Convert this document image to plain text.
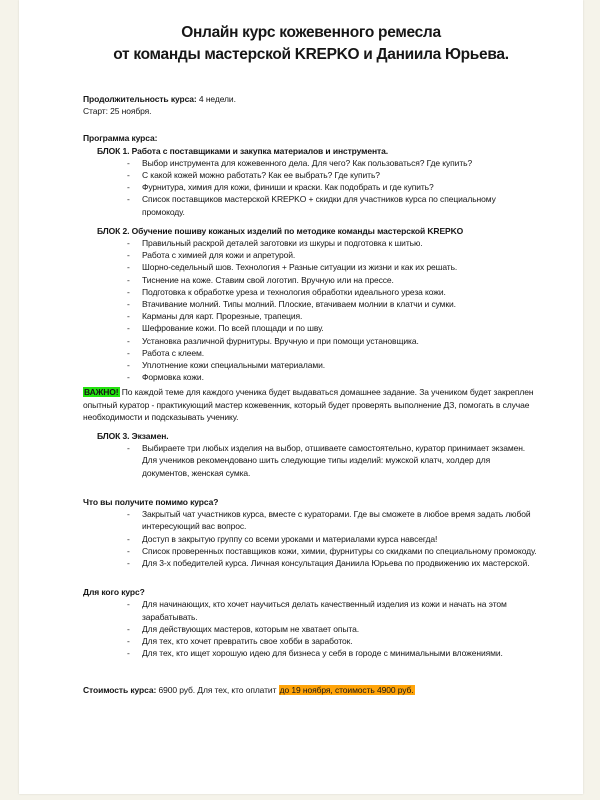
Онлайн курс кожевенного ремесла
от команды мастерской KREPKO и Даниила Юрьева.
Продолжительность курса: 4 недели.
Старт: 25 ноября.
Программа курса:
БЛОК 1. Работа с поставщиками и закупка материалов и инструмента.
- Выбор инструмента для кожевенного дела. Для чего? Как пользоваться? Где купить?
- С какой кожей можно работать? Как ее выбрать? Где купить?
- Фурнитура, химия для кожи, финиши и краски. Как подобрать и где купить?
- Список поставщиков мастерской KREPKO + скидки для участников курса по специальному промокоду.
БЛОК 2. Обучение пошиву кожаных изделий по методике команды мастерской KREPKO
- Правильный раскрой деталей заготовки из шкуры и подготовка к шитью.
- Работа с химией для кожи и апретурой.
- Шорно-седельный шов. Технология + Разные ситуации из жизни и как их решать.
- Тиснение на коже. Ставим свой логотип. Вручную или на прессе.
- Подготовка к обработке уреза и технология обработки идеального уреза кожи.
- Втачивание молний. Типы молний. Плоские, втачиваем молнии в клатчи и сумки.
- Карманы для карт. Прорезные, трапеция.
- Шефрование кожи. По всей площади и по шву.
- Установка различной фурнитуры. Вручную и при помощи установщика.
- Работа с клеем.
- Уплотнение кожи специальными материалами.
- Формовка кожи.
ВАЖНО! По каждой теме для каждого ученика будет выдаваться домашнее задание. За учеником будет закреплен опытный куратор - практикующий мастер кожевенник, который будет проверять выполнение ДЗ, помогать в случае необходимости и подсказывать ученику.
БЛОК 3. Экзамен.
- Выбираете три любых изделия на выбор, отшиваете самостоятельно, куратор принимает экзамен. Для учеников рекомендовано шить следующие типы изделий: мужской клатч, холдер для документов, женская сумка.
Что вы получите помимо курса?
- Закрытый чат участников курса, вместе с кураторами. Где вы сможете в любое время задать любой интересующий вас вопрос.
- Доступ в закрытую группу со всеми уроками и материалами курса навсегда!
- Список проверенных поставщиков кожи, химии, фурнитуры со скидками по специальному промокоду.
- Для 3-х победителей курса. Личная консультация Даниила Юрьева по продвижению их мастерской.
Для кого курс?
- Для начинающих, кто хочет научиться делать качественный изделия из кожи и начать на этом зарабатывать.
- Для действующих мастеров, которым не хватает опыта.
- Для тех, кто хочет превратить свое хобби в заработок.
- Для тех, кто ищет хорошую идею для бизнеса у себя в городе с минимальными вложениями.
Стоимость курса: 6900 руб. Для тех, кто оплатит до 19 ноября, стоимость 4900 руб.
